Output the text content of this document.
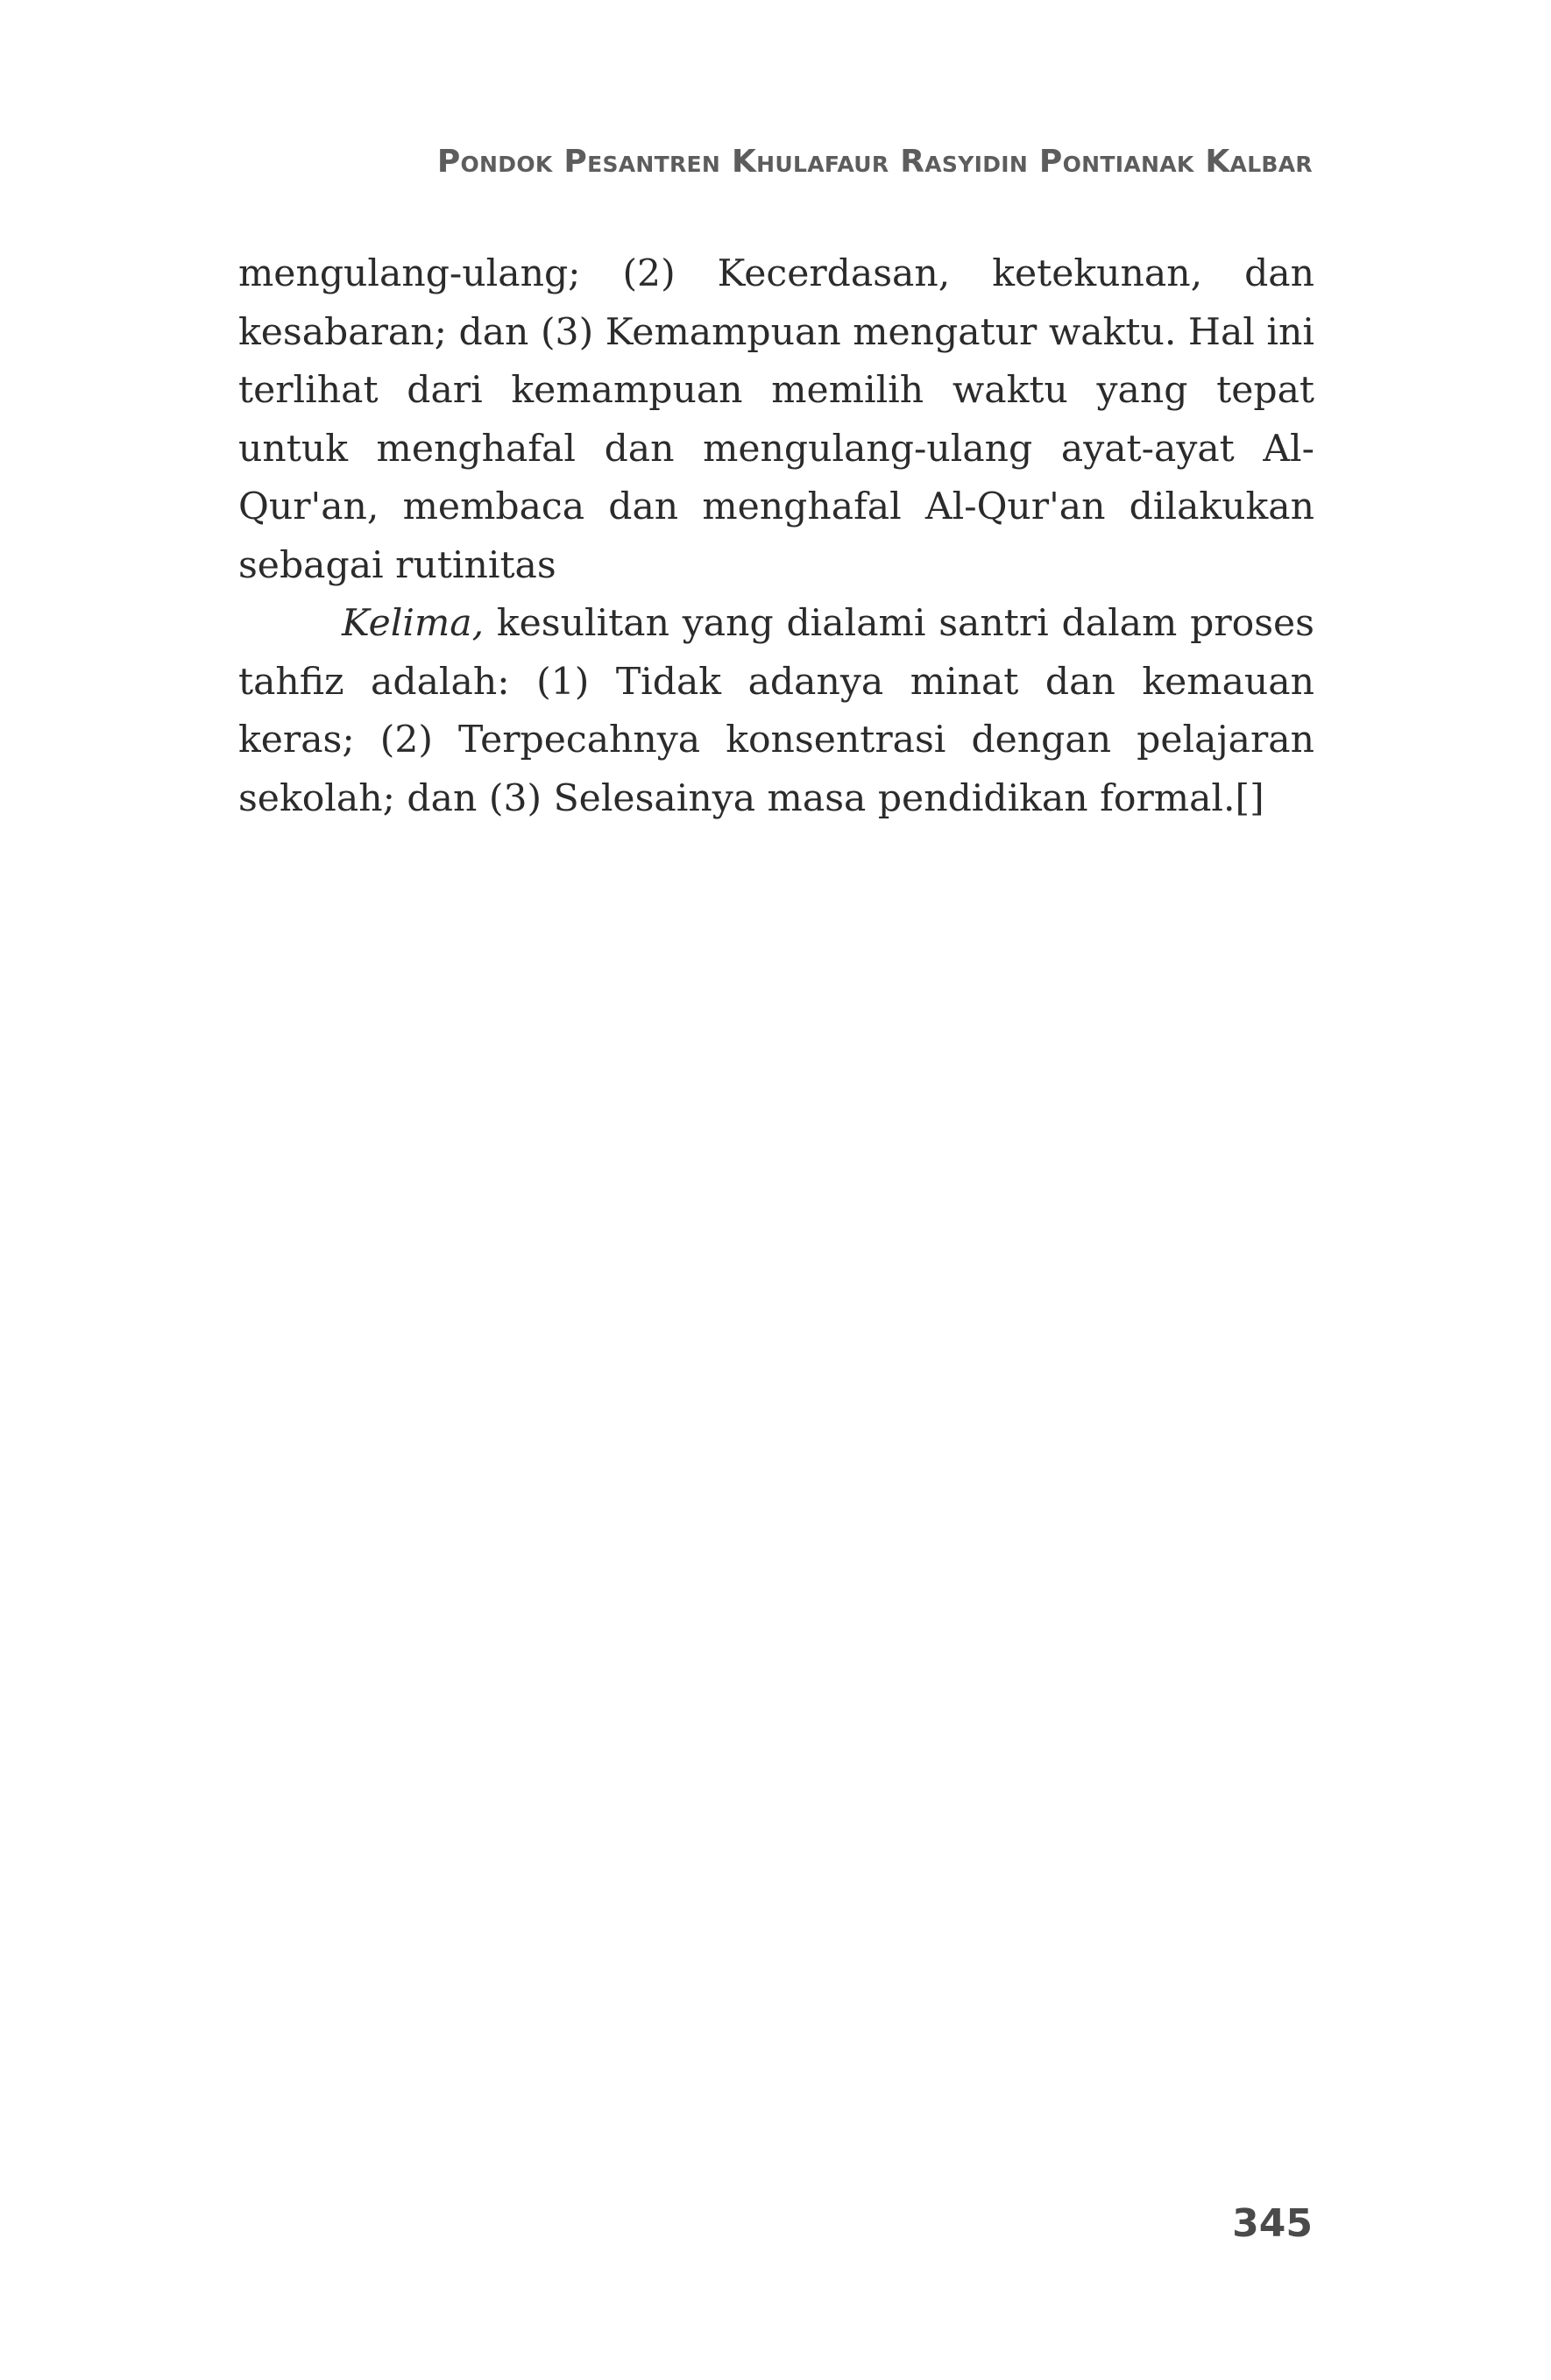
Pondok Pesantren Khulafaur Rasyidin Pontianak Kalbar

mengulang-ulang; (2) Kecerdasan, ketekunan, dan kesabaran; dan (3) Kemampuan mengatur waktu. Hal ini terlihat dari kemampuan memilih waktu yang tepat untuk menghafal dan mengulang-ulang ayat-ayat Al-Qur'an, membaca dan menghafal Al-Qur'an dilakukan sebagai rutinitas

Kelima, kesulitan yang dialami santri dalam proses tahfiz adalah: (1) Tidak adanya minat dan kemauan keras; (2) Terpecahnya konsentrasi dengan pelajaran sekolah; dan (3) Selesainya masa pendidikan formal.[]

345
